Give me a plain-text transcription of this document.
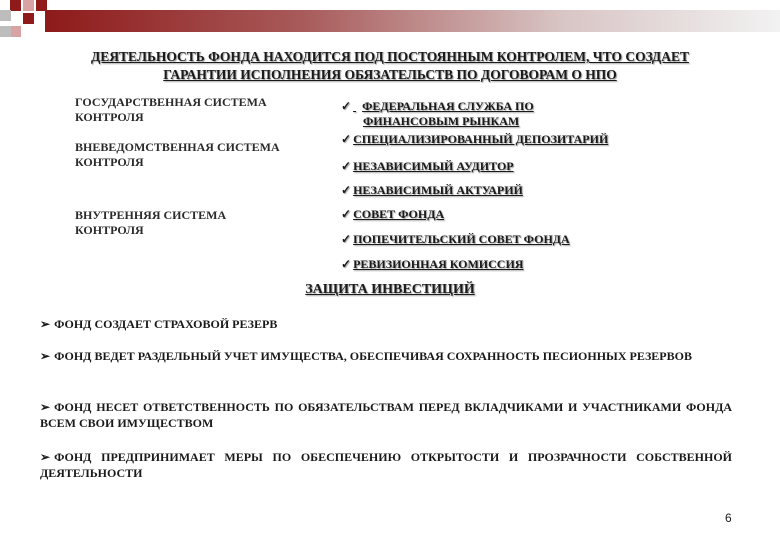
ДЕЯТЕЛЬНОСТЬ ФОНДА НАХОДИТСЯ ПОД ПОСТОЯННЫМ КОНТРОЛЕМ, ЧТО СОЗДАЕТ
ГАРАНТИИ ИСПОЛНЕНИЯ ОБЯЗАТЕЛЬСТВ ПО ДОГОВОРАМ О НПО
ГОСУДАРСТВЕННАЯ СИСТЕМА
КОНТРОЛЯ
ВНЕВЕДОМСТВЕННАЯ СИСТЕМА
КОНТРОЛЯ
ВНУТРЕННЯЯ СИСТЕМА
КОНТРОЛЯ
✓ ФЕДЕРАЛЬНАЯ СЛУЖБА ПО
ФИНАНСОВЫМ РЫНКАМ
✓ СПЕЦИАЛИЗИРОВАННЫЙ ДЕПОЗИТАРИЙ
✓ НЕЗАВИСИМЫЙ АУДИТОР
✓ НЕЗАВИСИМЫЙ АКТУАРИЙ
✓ СОВЕТ ФОНДА
✓ ПОПЕЧИТЕЛЬСКИЙ СОВЕТ ФОНДА
✓ РЕВИЗИОННАЯ КОМИССИЯ
ЗАЩИТА ИНВЕСТИЦИЙ
➢ ФОНД СОЗДАЕТ СТРАХОВОЙ РЕЗЕРВ
➢ ФОНД ВЕДЕТ РАЗДЕЛЬНЫЙ УЧЕТ ИМУЩЕСТВА, ОБЕСПЕЧИВАЯ СОХРАННОСТЬ ПЕСИОННЫХ РЕЗЕРВОВ
➢ ФОНД НЕСЕТ ОТВЕТСТВЕННОСТЬ ПО ОБЯЗАТЕЛЬСТВАМ ПЕРЕД ВКЛАДЧИКАМИ И УЧАСТНИКАМИ ФОНДА ВСЕМ СВОИ ИМУЩЕСТВОМ
➢ ФОНД ПРЕДПРИНИМАЕТ МЕРЫ ПО ОБЕСПЕЧЕНИЮ ОТКРЫТОСТИ И ПРОЗРАЧНОСТИ СОБСТВЕННОЙ ДЕЯТЕЛЬНОСТИ
6
